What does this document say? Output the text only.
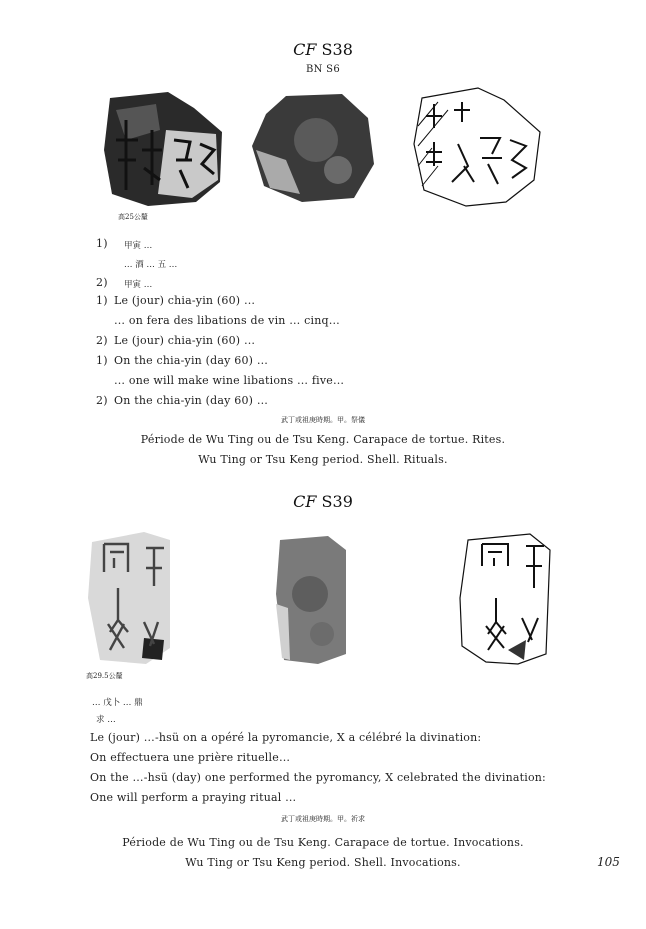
CF S38
BN S6
高25公釐
1) 甲寅 …
… 酒 … 五 …
2) 甲寅 …
1) Le (jour) chia-yin (60) …
… on fera des libations de vin … cinq…
2) Le (jour) chia-yin (60) …
1) On the chia-yin (day 60) …
… one will make wine libations … five…
2) On the chia-yin (day 60) …
武丁或祖庚時期。甲。祭儀
Période de Wu Ting ou de Tsu Keng. Carapace de tortue. Rites.
Wu Ting or Tsu Keng period. Shell. Rituals.
CF S39
高29.5公釐
… 戊卜 … 鼎
求 …
Le (jour) …-hsü on a opéré la pyromancie, X a célébré la divination:
On effectuera une prière rituelle…
On the …-hsü (day) one performed the pyromancy, X celebrated the divination:
One will perform a praying ritual …
武丁或祖庚時期。甲。祈求
Période de Wu Ting ou de Tsu Keng. Carapace de tortue. Invocations.
Wu Ting or Tsu Keng period. Shell. Invocations.	105
